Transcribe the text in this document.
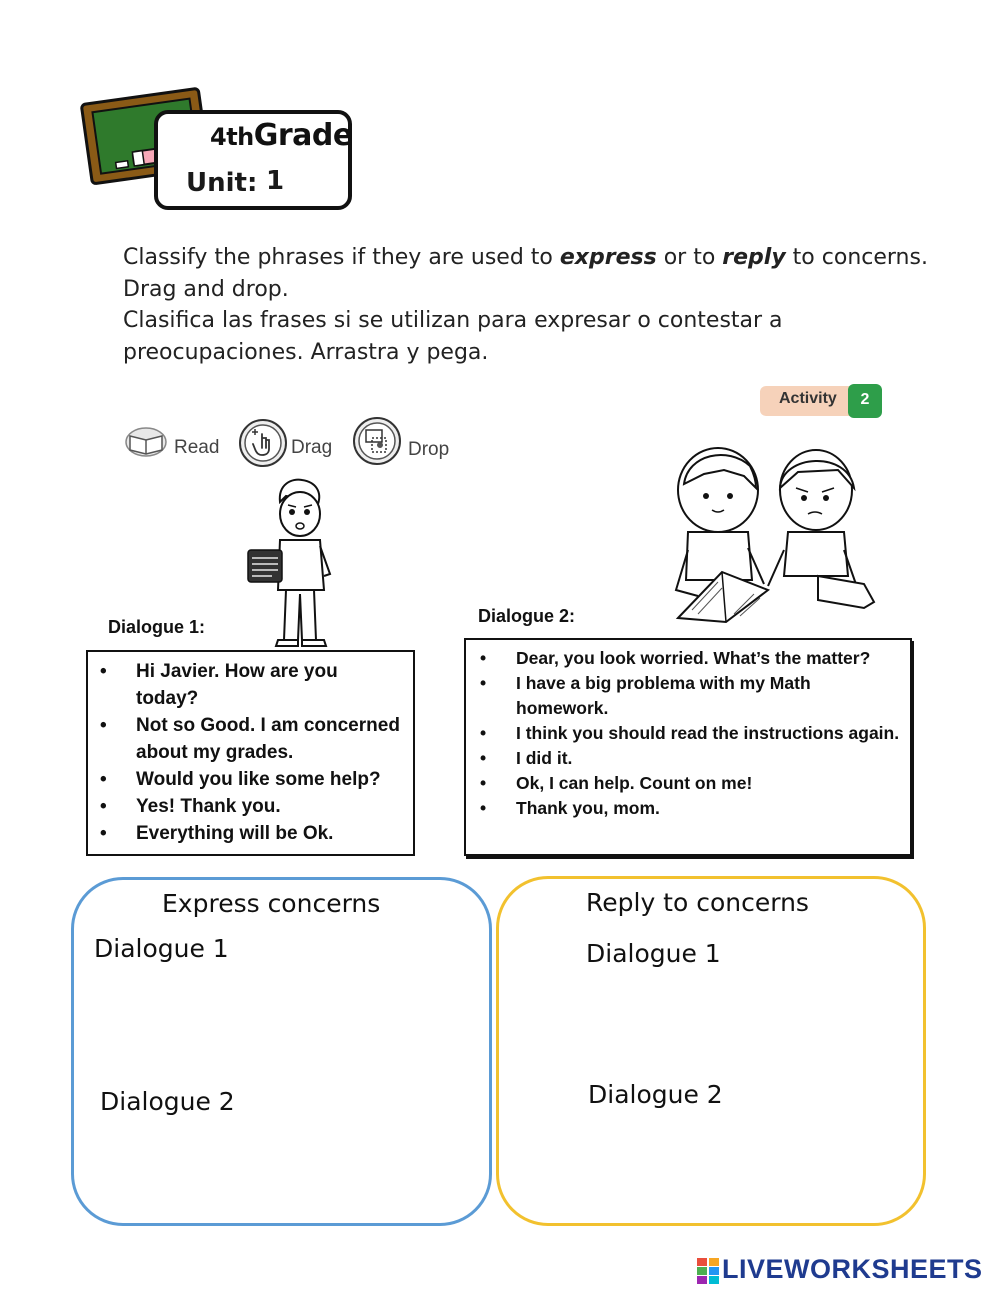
4thGrade
Unit: 1
Classify the phrases if they are used to express or to reply to concerns.
Drag and drop.
Clasifica las frases si se utilizan para expresar o contestar a
preocupaciones. Arrastra y pega.
Activity	2
Read	Drag	Drop
Dialogue 1:
• Hi Javier. How are you today?
• Not so Good. I am concerned about my grades.
• Would you like some help?
• Yes! Thank you.
• Everything will be Ok.
Dialogue 2:
• Dear, you look worried. What’s the matter?
• I have a big problema with my Math homework.
• I think you should read the instructions again.
• I did it.
• Ok, I can help. Count on me!
• Thank you, mom.
Express concerns
Dialogue 1
Dialogue 2
Reply to concerns
Dialogue 1
Dialogue 2
LIVEWORKSHEETS
